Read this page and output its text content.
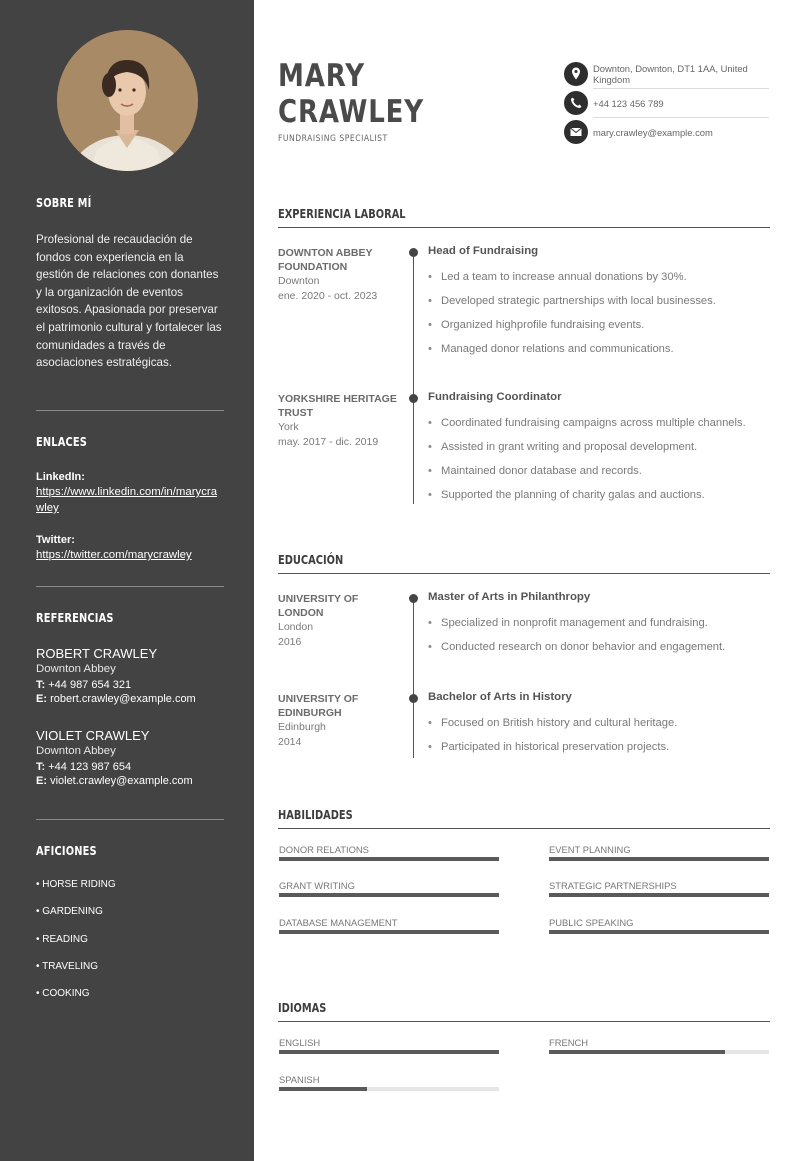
SOBRE MÍ
Profesional de recaudación de fondos con experiencia en la gestión de relaciones con donantes y la organización de eventos exitosos. Apasionada por preservar el patrimonio cultural y fortalecer las comunidades a través de asociaciones estratégicas.
ENLACES
LinkedIn:
https://www.linkedin.com/in/marycrawley
Twitter:
https://twitter.com/marycrawley
REFERENCIAS
ROBERT CRAWLEY
Downton Abbey
T: +44 987 654 321
E: robert.crawley@example.com
VIOLET CRAWLEY
Downton Abbey
T: +44 123 987 654
E: violet.crawley@example.com
AFICIONES
• HORSE RIDING
• GARDENING
• READING
• TRAVELING
• COOKING
MARY
CRAWLEY
FUNDRAISING SPECIALIST
Downton, Downton, DT1 1AA, United Kingdom
+44 123 456 789
mary.crawley@example.com
EXPERIENCIA LABORAL
DOWNTON ABBEY FOUNDATION
Downton
ene. 2020 - oct. 2023
Head of Fundraising
• Led a team to increase annual donations by 30%.
• Developed strategic partnerships with local businesses.
• Organized highprofile fundraising events.
• Managed donor relations and communications.
YORKSHIRE HERITAGE TRUST
York
may. 2017 - dic. 2019
Fundraising Coordinator
• Coordinated fundraising campaigns across multiple channels.
• Assisted in grant writing and proposal development.
• Maintained donor database and records.
• Supported the planning of charity galas and auctions.
EDUCACIÓN
UNIVERSITY OF LONDON
London
2016
Master of Arts in Philanthropy
• Specialized in nonprofit management and fundraising.
• Conducted research on donor behavior and engagement.
UNIVERSITY OF EDINBURGH
Edinburgh
2014
Bachelor of Arts in History
• Focused on British history and cultural heritage.
• Participated in historical preservation projects.
HABILIDADES
DONOR RELATIONS	EVENT PLANNING
GRANT WRITING	STRATEGIC PARTNERSHIPS
DATABASE MANAGEMENT	PUBLIC SPEAKING
IDIOMAS
ENGLISH	FRENCH
SPANISH
